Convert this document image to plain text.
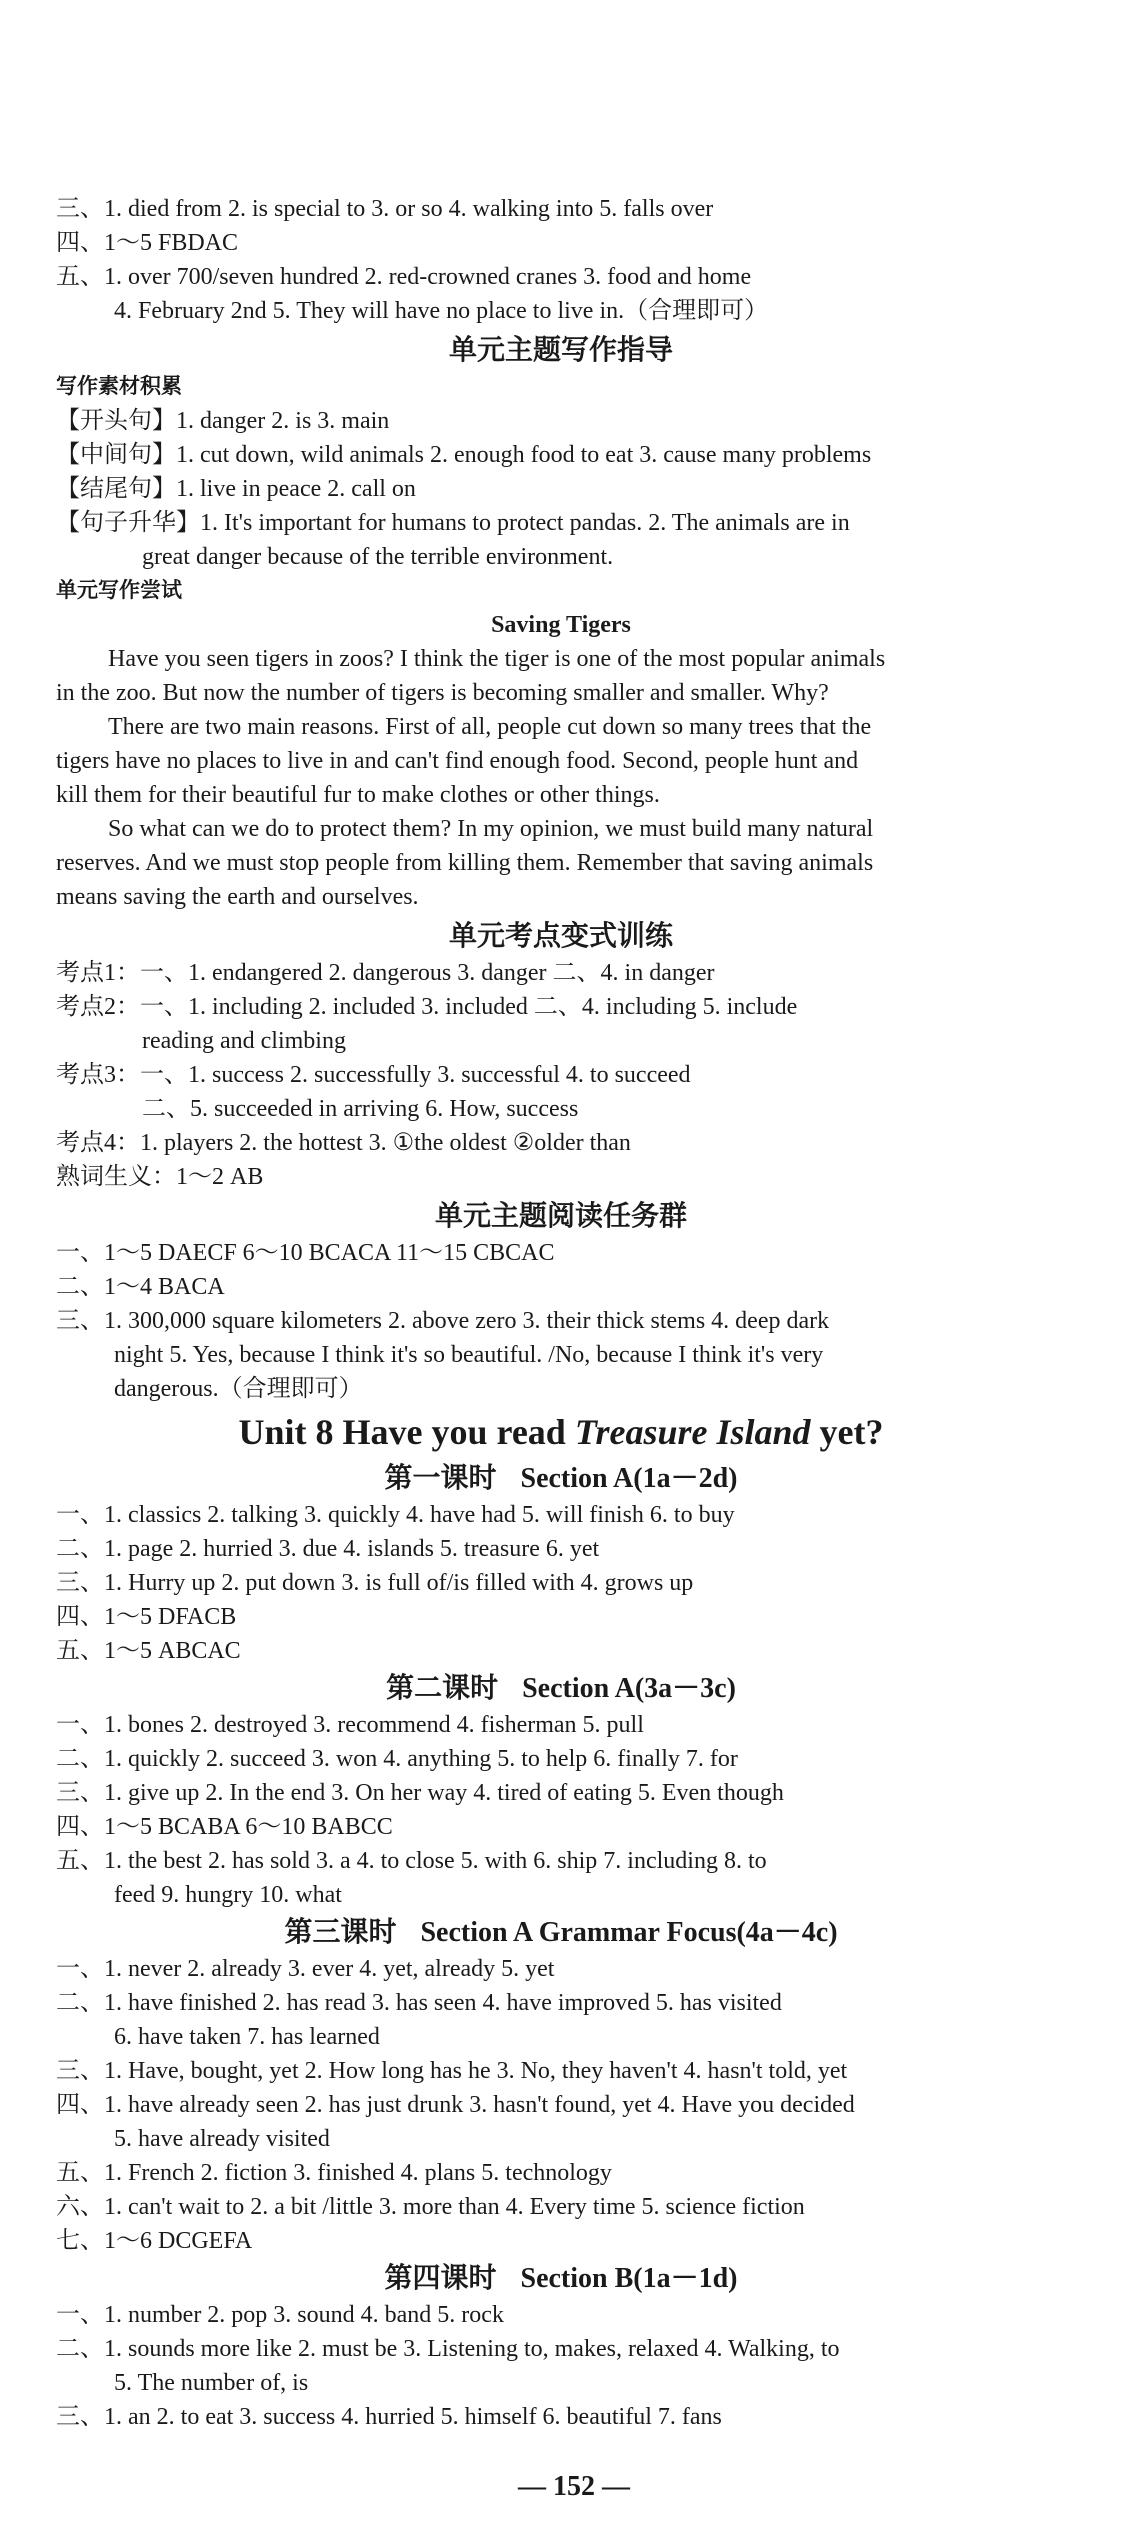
三、1. died from 2. is special to 3. or so 4. walking into 5. falls over
四、1～5 FBDAC
五、1. over 700/seven hundred 2. red-crowned cranes 3. food and home
4. February 2nd 5. They will have no place to live in.（合理即可）
单元主题写作指导
写作素材积累
【开头句】1. danger 2. is 3. main
【中间句】1. cut down, wild animals 2. enough food to eat 3. cause many problems
【结尾句】1. live in peace 2. call on
【句子升华】1. It's important for humans to protect pandas. 2. The animals are in
great danger because of the terrible environment.
单元写作尝试
Saving Tigers
Have you seen tigers in zoos? I think the tiger is one of the most popular animals
in the zoo. But now the number of tigers is becoming smaller and smaller. Why?
There are two main reasons. First of all, people cut down so many trees that the
tigers have no places to live in and can't find enough food. Second, people hunt and
kill them for their beautiful fur to make clothes or other things.
So what can we do to protect them? In my opinion, we must build many natural
reserves. And we must stop people from killing them. Remember that saving animals
means saving the earth and ourselves.
单元考点变式训练
考点1：一、1. endangered 2. dangerous 3. danger 二、4. in danger
考点2：一、1. including 2. included 3. included 二、4. including 5. include
reading and climbing
考点3：一、1. success 2. successfully 3. successful 4. to succeed
二、5. succeeded in arriving 6. How, success
考点4：1. players 2. the hottest 3. ①the oldest ②older than
熟词生义：1～2 AB
单元主题阅读任务群
一、1～5 DAECF 6～10 BCACA 11～15 CBCAC
二、1～4 BACA
三、1. 300,000 square kilometers 2. above zero 3. their thick stems 4. deep dark
night 5. Yes, because I think it's so beautiful. /No, because I think it's very
dangerous.（合理即可）
Unit 8 Have you read Treasure Island yet?
第一课时 Section A(1a－2d)
一、1. classics 2. talking 3. quickly 4. have had 5. will finish 6. to buy
二、1. page 2. hurried 3. due 4. islands 5. treasure 6. yet
三、1. Hurry up 2. put down 3. is full of/is filled with 4. grows up
四、1～5 DFACB
五、1～5 ABCAC
第二课时 Section A(3a－3c)
一、1. bones 2. destroyed 3. recommend 4. fisherman 5. pull
二、1. quickly 2. succeed 3. won 4. anything 5. to help 6. finally 7. for
三、1. give up 2. In the end 3. On her way 4. tired of eating 5. Even though
四、1～5 BCABA 6～10 BABCC
五、1. the best 2. has sold 3. a 4. to close 5. with 6. ship 7. including 8. to
feed 9. hungry 10. what
第三课时 Section A Grammar Focus(4a－4c)
一、1. never 2. already 3. ever 4. yet, already 5. yet
二、1. have finished 2. has read 3. has seen 4. have improved 5. has visited
6. have taken 7. has learned
三、1. Have, bought, yet 2. How long has he 3. No, they haven't 4. hasn't told, yet
四、1. have already seen 2. has just drunk 3. hasn't found, yet 4. Have you decided
5. have already visited
五、1. French 2. fiction 3. finished 4. plans 5. technology
六、1. can't wait to 2. a bit /little 3. more than 4. Every time 5. science fiction
七、1～6 DCGEFA
第四课时 Section B(1a－1d)
一、1. number 2. pop 3. sound 4. band 5. rock
二、1. sounds more like 2. must be 3. Listening to, makes, relaxed 4. Walking, to
5. The number of, is
三、1. an 2. to eat 3. success 4. hurried 5. himself 6. beautiful 7. fans
— 152 —
